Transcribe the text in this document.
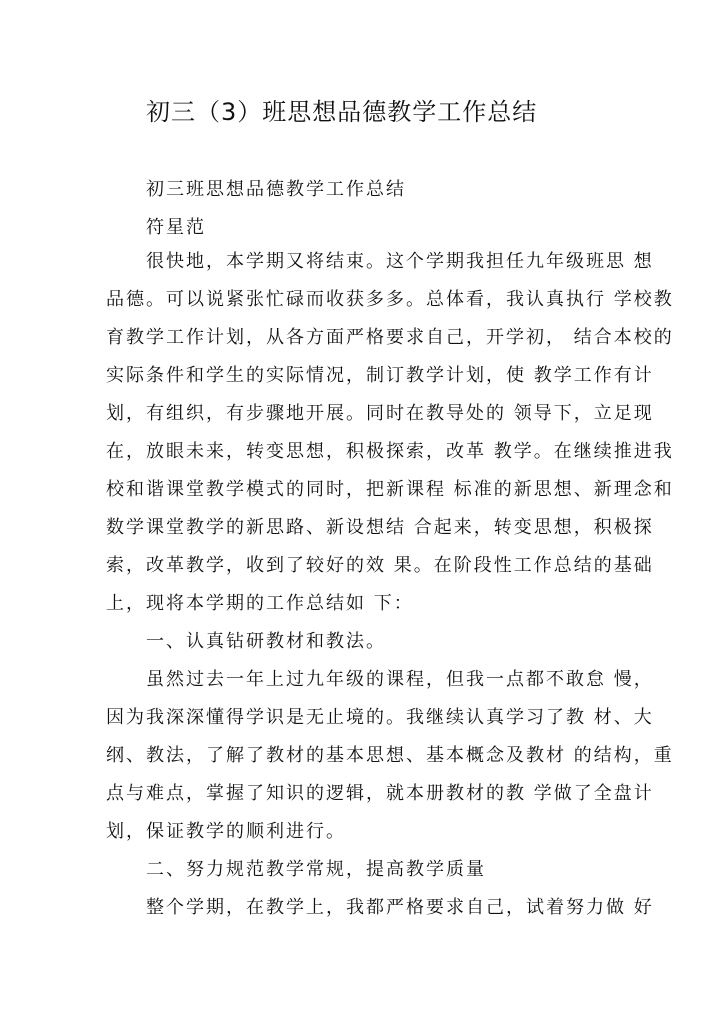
初三（3）班思想品德教学工作总结
初三班思想品德教学工作总结
符星范
很快地，本学期又将结束。这个学期我担任九年级班思 想
品德。可以说紧张忙碌而收获多多。总体看，我认真执行 学校教
育教学工作计划，从各方面严格要求自己，开学初， 结合本校的
实际条件和学生的实际情况，制订教学计划，使 教学工作有计
划，有组织，有步骤地开展。同时在教导处的 领导下，立足现
在，放眼未来，转变思想，积极探索，改革 教学。在继续推进我
校和谐课堂教学模式的同时，把新课程 标准的新思想、新理念和
数学课堂教学的新思路、新设想结 合起来，转变思想，积极探
索，改革教学，收到了较好的效 果。在阶段性工作总结的基础
上，现将本学期的工作总结如 下：
一、认真钻研教材和教法。
虽然过去一年上过九年级的课程，但我一点都不敢怠 慢，
因为我深深懂得学识是无止境的。我继续认真学习了教 材、大
纲、教法，了解了教材的基本思想、基本概念及教材 的结构，重
点与难点，掌握了知识的逻辑，就本册教材的教 学做了全盘计
划，保证教学的顺利进行。
二、努力规范教学常规，提高教学质量
整个学期，在教学上，我都严格要求自己，试着努力做 好
